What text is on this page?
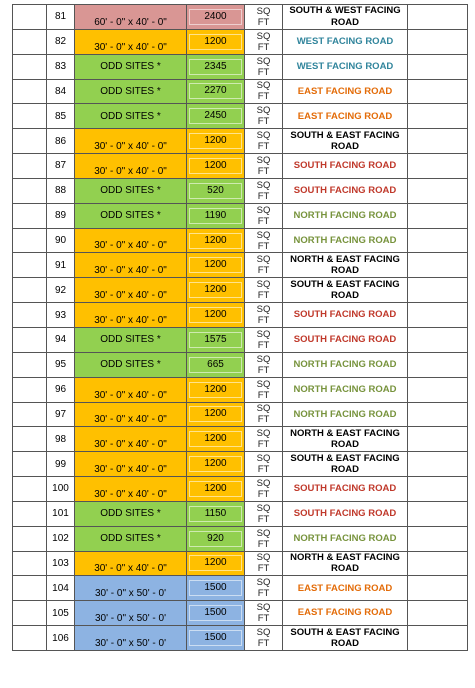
	81	60' - 0" x 40' - 0"	2400	SQ
FT	SOUTH & WEST FACING ROAD	
	82	30' - 0" x 40' - 0"	1200	SQ
FT	WEST FACING ROAD	
	83	ODD SITES *	2345	SQ
FT	WEST FACING ROAD	
	84	ODD SITES *	2270	SQ
FT	EAST FACING ROAD	
	85	ODD SITES *	2450	SQ
FT	EAST FACING ROAD	
	86	30' - 0" x 40' - 0"	1200	SQ
FT	SOUTH & EAST FACING ROAD	
	87	30' - 0" x 40' - 0"	1200	SQ
FT	SOUTH FACING ROAD	
	88	ODD SITES *	520	SQ
FT	SOUTH FACING ROAD	
	89	ODD SITES *	1190	SQ
FT	NORTH FACING ROAD	
	90	30' - 0" x 40' - 0"	1200	SQ
FT	NORTH FACING ROAD	
	91	30' - 0" x 40' - 0"	1200	SQ
FT	NORTH & EAST FACING ROAD	
	92	30' - 0" x 40' - 0"	1200	SQ
FT	SOUTH & EAST FACING ROAD	
	93	30' - 0" x 40' - 0"	1200	SQ
FT	SOUTH FACING ROAD	
	94	ODD SITES *	1575	SQ
FT	SOUTH FACING ROAD	
	95	ODD SITES *	665	SQ
FT	NORTH FACING ROAD	
	96	30' - 0" x 40' - 0"	1200	SQ
FT	NORTH FACING ROAD	
	97	30' - 0" x 40' - 0"	1200	SQ
FT	NORTH FACING ROAD	
	98	30' - 0" x 40' - 0"	1200	SQ
FT	NORTH & EAST FACING ROAD	
	99	30' - 0" x 40' - 0"	1200	SQ
FT	SOUTH & EAST FACING ROAD	
	100	30' - 0" x 40' - 0"	1200	SQ
FT	SOUTH FACING ROAD	
	101	ODD SITES *	1150	SQ
FT	SOUTH FACING ROAD	
	102	ODD SITES *	920	SQ
FT	NORTH FACING ROAD	
	103	30' - 0" x 40' - 0"	1200	SQ
FT	NORTH & EAST FACING ROAD	
	104	30' - 0" x 50' - 0'	1500	SQ
FT	EAST FACING ROAD	
	105	30' - 0" x 50' - 0'	1500	SQ
FT	EAST FACING ROAD	
	106	30' - 0" x 50' - 0'	1500	SQ
FT	SOUTH & EAST FACING ROAD	
